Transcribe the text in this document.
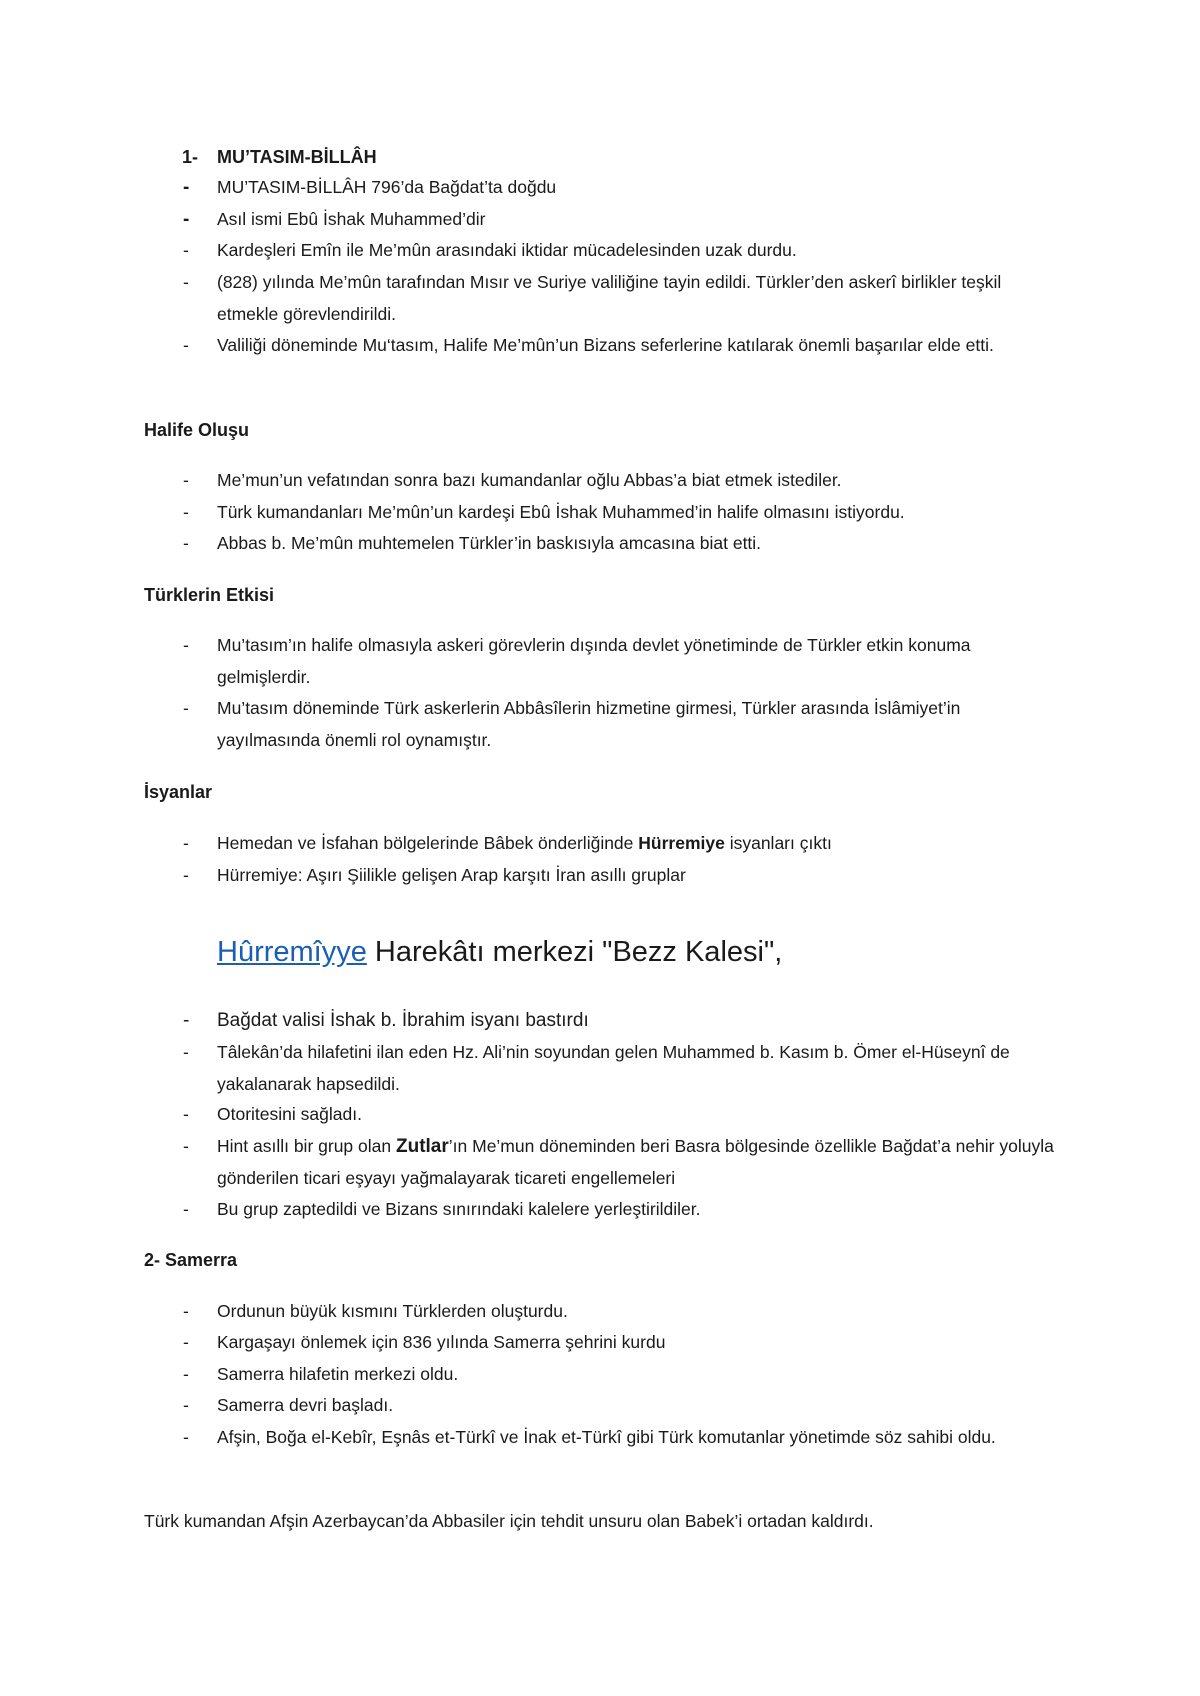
1- MU’TASIM-BİLLÂH
- MU’TASIM-BİLLÂH 796’da Bağdat’ta doğdu
- Asıl ismi Ebû İshak Muhammed’dir
- Kardeşleri Emîn ile Me’mûn arasındaki iktidar mücadelesinden uzak durdu.
- (828) yılında Me’mûn tarafından Mısır ve Suriye valiliğine tayin edildi. Türkler’den askerî birlikler teşkil etmekle görevlendirildi.
- Valiliği döneminde Mu‘tasım, Halife Me’mûn’un Bizans seferlerine katılarak önemli başarılar elde etti.
Halife Oluşu
- Me’mun’un vefatından sonra bazı kumandanlar oğlu Abbas’a biat etmek istediler.
- Türk kumandanları Me’mûn’un kardeşi Ebû İshak Muhammed’in halife olmasını istiyordu.
- Abbas b. Me’mûn muhtemelen Türkler’in baskısıyla amcasına biat etti.
Türklerin Etkisi
- Mu’tasım’ın halife olmasıyla askeri görevlerin dışında devlet yönetiminde de Türkler etkin konuma gelmişlerdir.
- Mu’tasım döneminde Türk askerlerin Abbâsîlerin hizmetine girmesi, Türkler arasında İslâmiyet’in yayılmasında önemli rol oynamıştır.
İsyanlar
- Hemedan ve İsfahan bölgelerinde Bâbek önderliğinde Hürremiye isyanları çıktı
- Hürremiye: Aşırı Şiilikle gelişen Arap karşıtı İran asıllı gruplar
Hûrremîyye Harekâtı merkezi "Bezz Kalesi",
- Bağdat valisi İshak b. İbrahim isyanı bastırdı
- Tâlekân’da hilafetini ilan eden Hz. Ali’nin soyundan gelen Muhammed b. Kasım b. Ömer el-Hüseynî de yakalanarak hapsedildi.
- Otoritesini sağladı.
- Hint asıllı bir grup olan Zutlar’ın Me’mun döneminden beri Basra bölgesinde özellikle Bağdat’a nehir yoluyla gönderilen ticari eşyayı yağmalayarak ticareti engellemeleri
- Bu grup zaptedildi ve Bizans sınırındaki kalelere yerleştirildiler.
2- Samerra
- Ordunun büyük kısmını Türklerden oluşturdu.
- Kargaşayı önlemek için 836 yılında Samerra şehrini kurdu
- Samerra hilafetin merkezi oldu.
- Samerra devri başladı.
- Afşin, Boğa el-Kebîr, Eşnâs et-Türkî ve İnak et-Türkî gibi Türk komutanlar yönetimde söz sahibi oldu.
Türk kumandan Afşin Azerbaycan’da Abbasiler için tehdit unsuru olan Babek’i ortadan kaldırdı.
